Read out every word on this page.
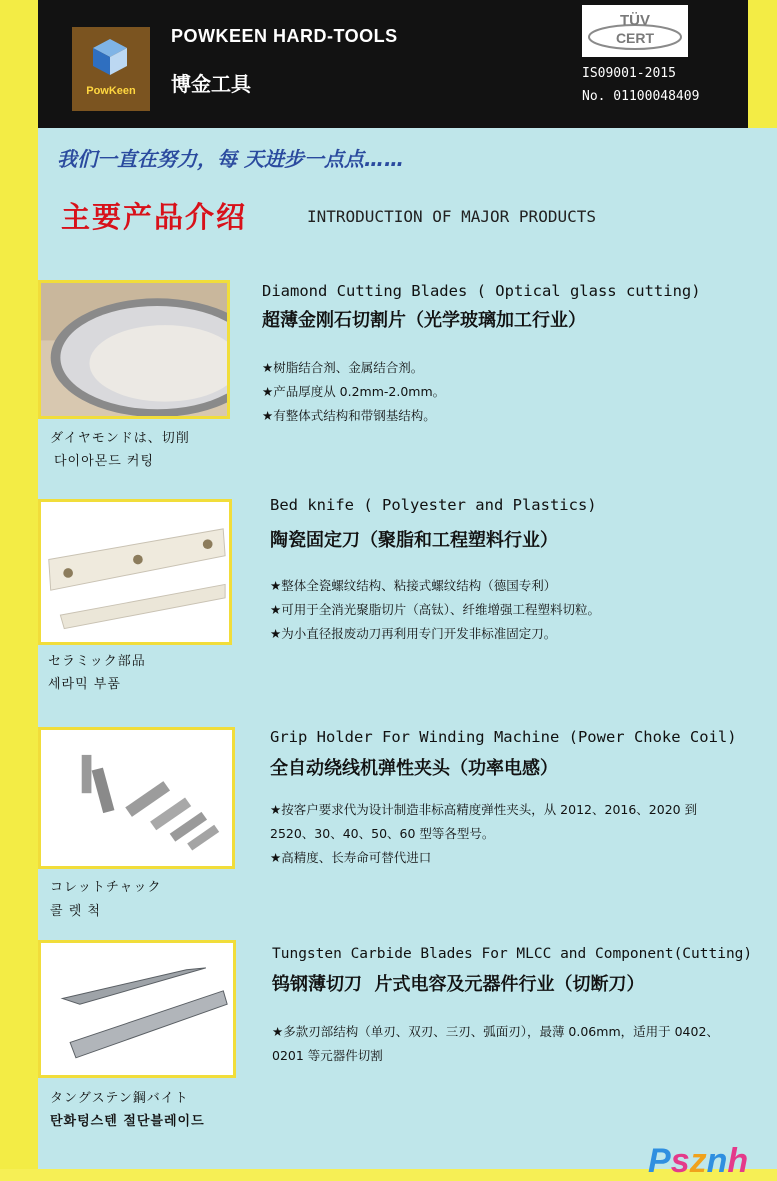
PowKeen
POWKEEN HARD-TOOLS
博金工具
TÜV
CERT
IS09001-2015
No. 01100048409
我们一直在努力，每 天进步一点点……
主要产品介绍	INTRODUCTION OF MAJOR PRODUCTS
ダイヤモンドは、切削
다이아몬드 커팅
Diamond Cutting Blades ( Optical glass cutting)
超薄金刚石切割片（光学玻璃加工行业）
★树脂结合剂、金属结合剂。
★产品厚度从 0.2mm-2.0mm。
★有整体式结构和带钢基结构。
セラミック部品
세라믹 부품
Bed knife ( Polyester and Plastics)
陶瓷固定刀（聚脂和工程塑料行业）
★整体全瓷螺纹结构、粘接式螺纹结构（德国专利）
★可用于全消光聚脂切片（高钛）、纤维增强工程塑料切粒。
★为小直径报废动刀再利用专门开发非标准固定刀。
コレットチャック
콜 렛 척
Grip Holder For Winding Machine (Power Choke Coil)
全自动绕线机弹性夹头（功率电感）
★按客户要求代为设计制造非标高精度弹性夹头，从 2012、2016、2020 到
2520、30、40、50、60 型等各型号。
★高精度、长寿命可替代进口
タングステン鋼バイト
탄화텅스텐 절단블레이드
Tungsten Carbide Blades For MLCC and Component(Cutting)
钨钢薄切刀  片式电容及元器件行业（切断刀）
★多款刃部结构（单刃、双刃、三刃、弧面刃），最薄 0.06mm，适用于 0402、
0201 等元器件切割
Psznh
